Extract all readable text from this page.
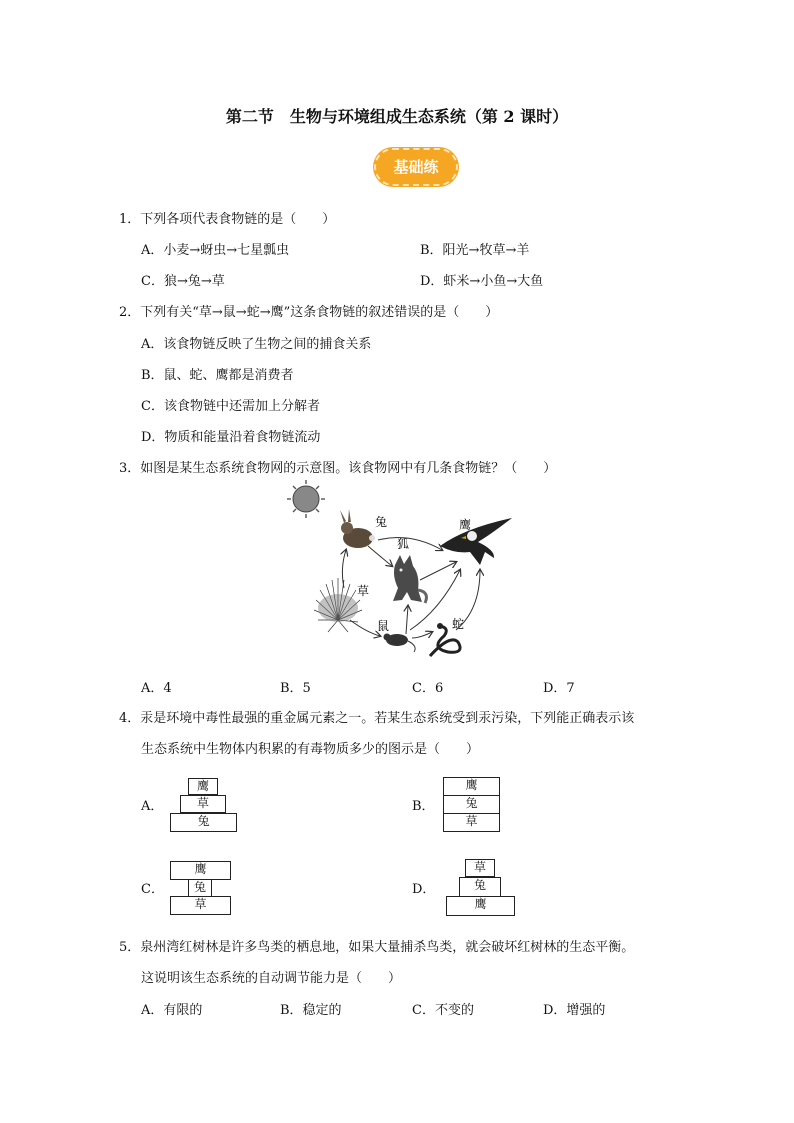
第二节　生物与环境组成生态系统（第 2 课时）
基础练
1．下列各项代表食物链的是（　　）
A．小麦→蚜虫→七星瓢虫	B．阳光→牧草→羊
C．狼→兔→草	D．虾米→小鱼→大鱼
2．下列有关“草→鼠→蛇→鹰”这条食物链的叙述错误的是（　　）
A．该食物链反映了生物之间的捕食关系
B．鼠、蛇、鹰都是消费者
C．该食物链中还需加上分解者
D．物质和能量沿着食物链流动
3．如图是某生态系统食物网的示意图。该食物网中有几条食物链？（　　）
兔	鹰
狐
草
鼠	蛇
A．4	B．5	C．6	D．7
4．汞是环境中毒性最强的重金属元素之一。若某生态系统受到汞污染，下列能正确表示该
生态系统中生物体内积累的有毒物质多少的图示是（　　）
A．
鹰
草
兔
B．
鹰
兔
草
C．
鹰
兔
草
D．
草
兔
鹰
5．泉州湾红树林是许多鸟类的栖息地，如果大量捕杀鸟类，就会破坏红树林的生态平衡。
这说明该生态系统的自动调节能力是（　　）
A．有限的	B．稳定的	C．不变的	D．增强的
